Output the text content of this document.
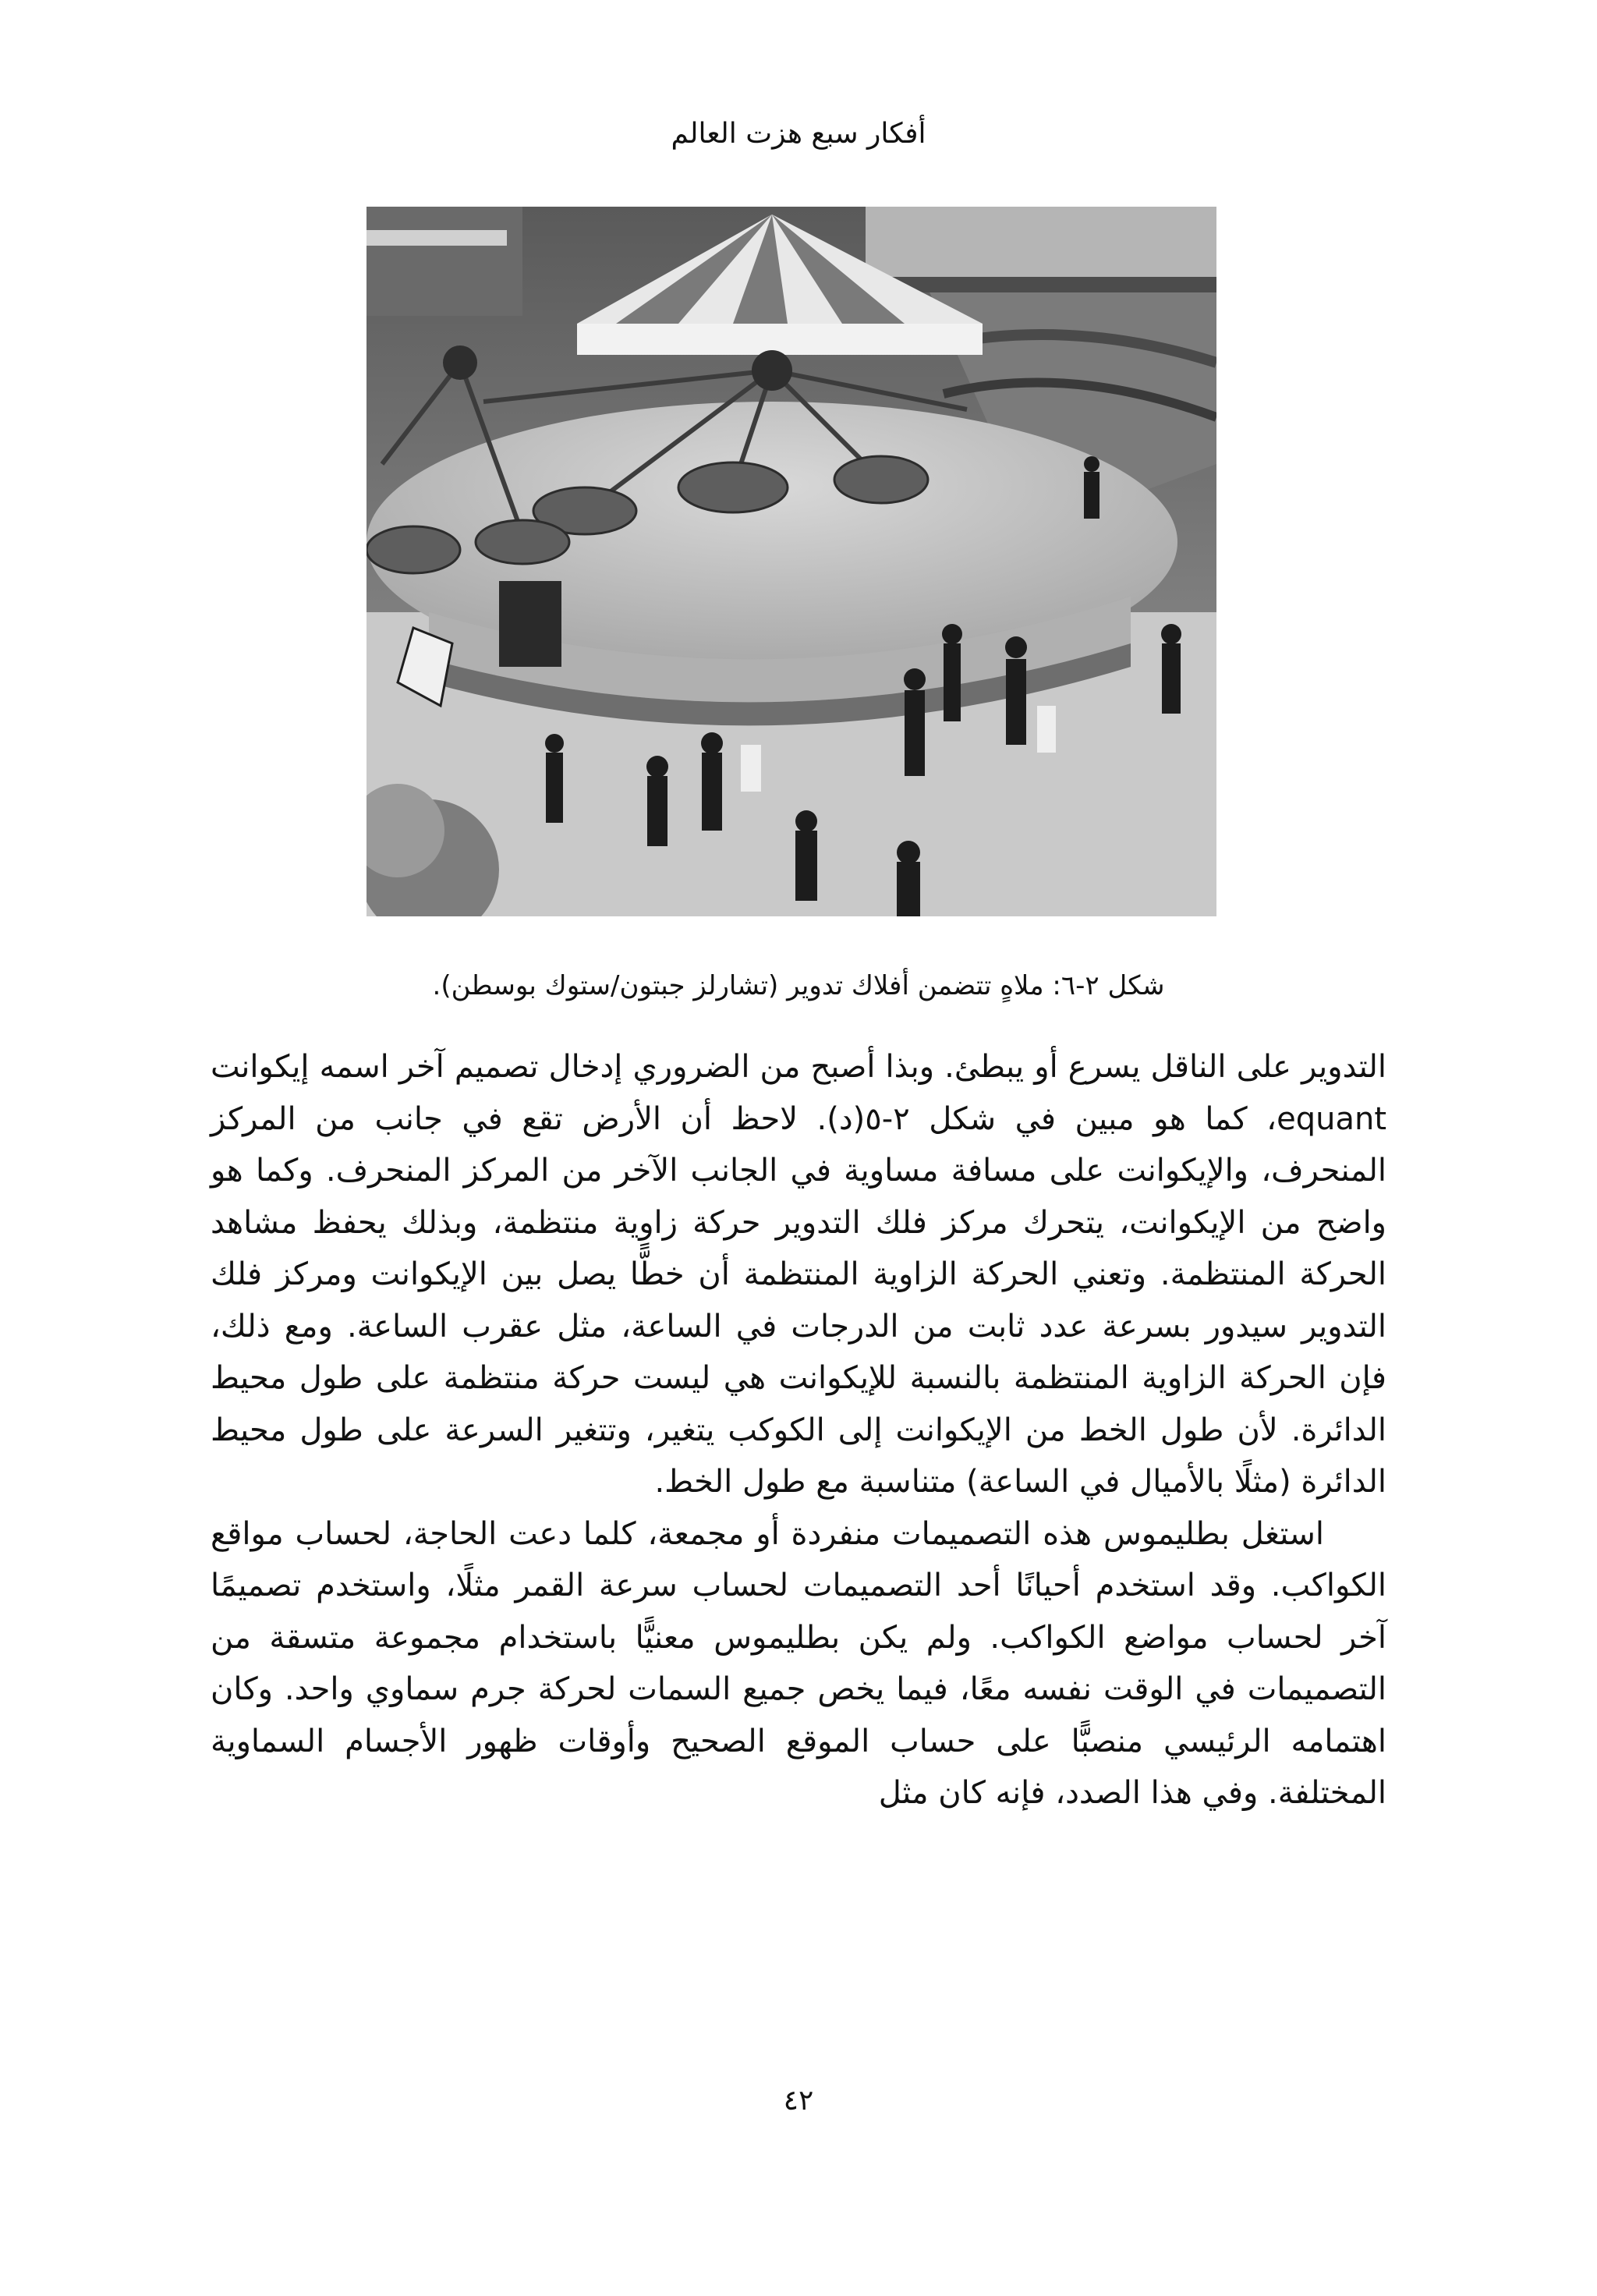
أفكار سبع هزت العالم
شكل ٢-٦: ملاهٍ تتضمن أفلاك تدوير (تشارلز جبتون/ستوك بوسطن).

التدوير على الناقل يسرع أو يبطئ. وبذا أصبح من الضروري إدخال تصميم آخر اسمه إيكوانت equant، كما هو مبين في شكل ٢-٥(د). لاحظ أن الأرض تقع في جانب من المركز المنحرف، والإيكوانت على مسافة مساوية في الجانب الآخر من المركز المنحرف. وكما هو واضح من الإيكوانت، يتحرك مركز فلك التدوير حركة زاوية منتظمة، وبذلك يحفظ مشاهد الحركة المنتظمة. وتعني الحركة الزاوية المنتظمة أن خطًّا يصل بين الإيكوانت ومركز فلك التدوير سيدور بسرعة عدد ثابت من الدرجات في الساعة، مثل عقرب الساعة. ومع ذلك، فإن الحركة الزاوية المنتظمة بالنسبة للإيكوانت هي ليست حركة منتظمة على طول محيط الدائرة. لأن طول الخط من الإيكوانت إلى الكوكب يتغير، وتتغير السرعة على طول محيط الدائرة (مثلًا بالأميال في الساعة) متناسبة مع طول الخط.

استغل بطليموس هذه التصميمات منفردة أو مجمعة، كلما دعت الحاجة، لحساب مواقع الكواكب. وقد استخدم أحيانًا أحد التصميمات لحساب سرعة القمر مثلًا، واستخدم تصميمًا آخر لحساب مواضع الكواكب. ولم يكن بطليموس معنيًّا باستخدام مجموعة متسقة من التصميمات في الوقت نفسه معًا، فيما يخص جميع السمات لحركة جرم سماوي واحد. وكان اهتمامه الرئيسي منصبًّا على حساب الموقع الصحيح وأوقات ظهور الأجسام السماوية المختلفة. وفي هذا الصدد، فإنه كان مثل

٤٢
